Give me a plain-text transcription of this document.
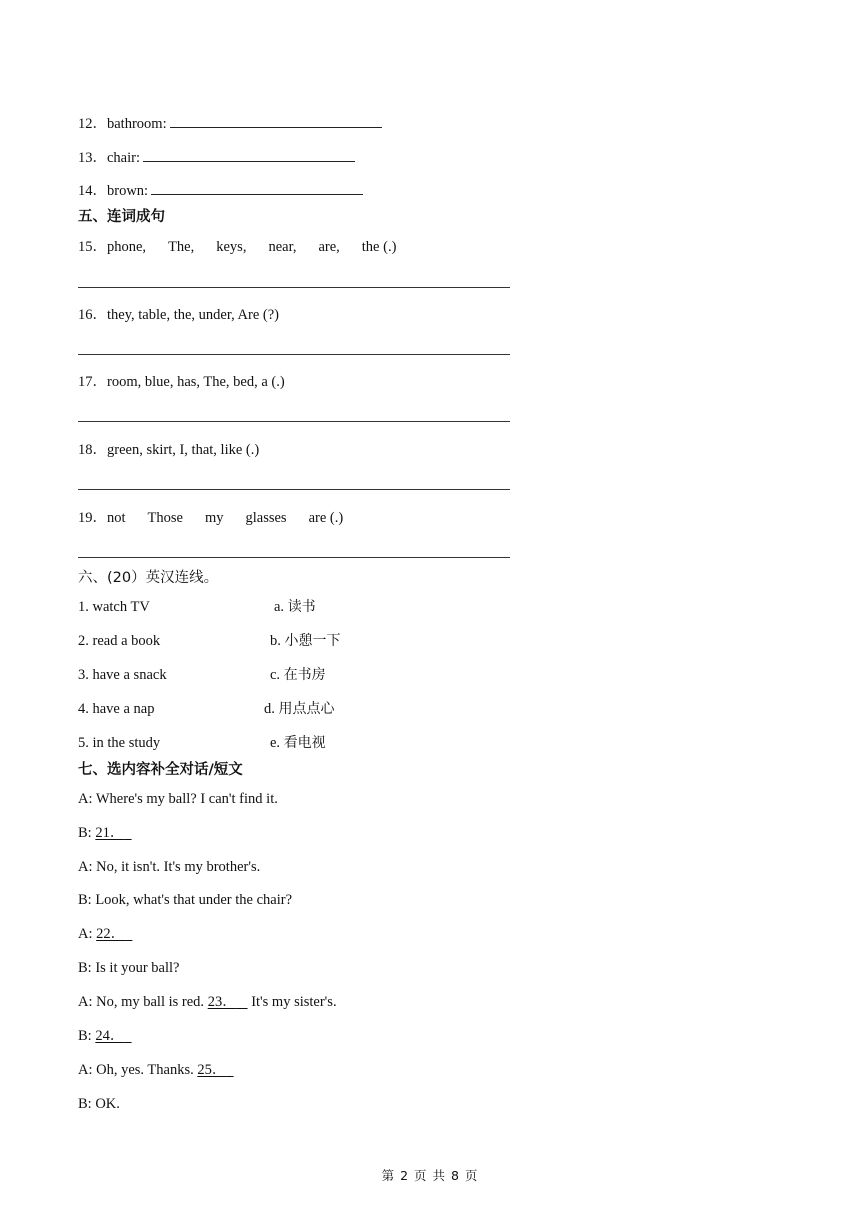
12．bathroom:
13．chair:
14．brown:
五、连词成句
15．phone, The, keys, near, are, the (.)
16．they, table, the, under, Are (?)
17．room, blue, has, The, bed, a (.)
18．green, skirt, I, that, like (.)
19．not Those my glasses are (.)
六、(20）英汉连线。
1. watch TV
2. read a book
3. have a snack
4. have a nap
5. in the study
a. 读书
b. 小憩一下
c. 在书房
d. 用点点心
e. 看电视
七、选内容补全对话/短文
A: Where's my ball? I can't find it.
B: 21．
A: No, it isn't. It's my brother's.
B: Look, what's that under the chair?
A: 22．
B: Is it your ball?
A: No, my ball is red. 23．    It's my sister's.
B: 24．
A: Oh, yes. Thanks. 25．
B: OK.
第 2 页 共 8 页
